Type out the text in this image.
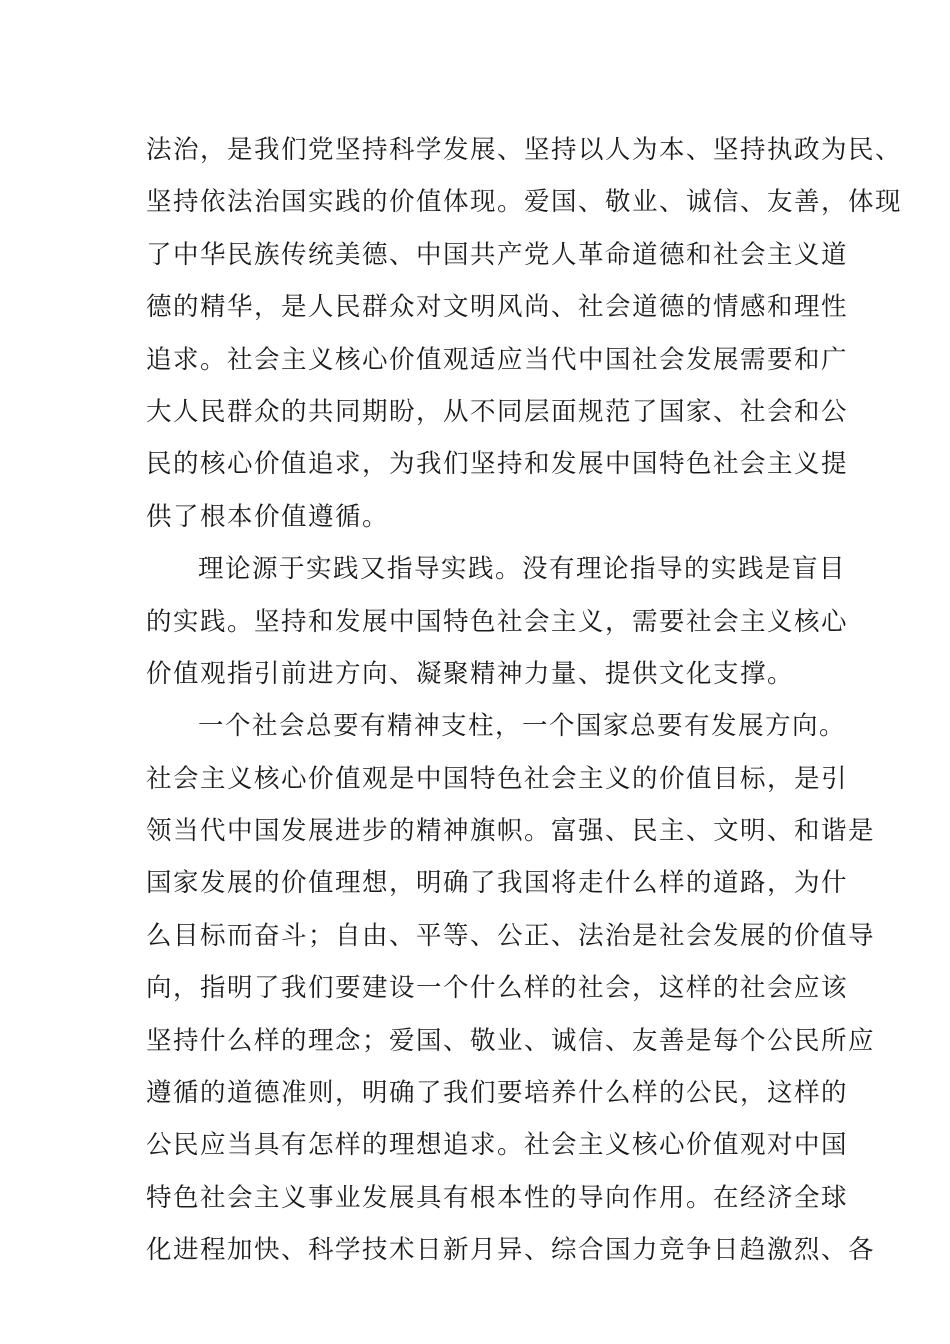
法治，是我们党坚持科学发展、坚持以人为本、坚持执政为民、
坚持依法治国实践的价值体现。爱国、敬业、诚信、友善，体现
了中华民族传统美德、中国共产党人革命道德和社会主义道
德的精华，是人民群众对文明风尚、社会道德的情感和理性
追求。社会主义核心价值观适应当代中国社会发展需要和广
大人民群众的共同期盼，从不同层面规范了国家、社会和公
民的核心价值追求，为我们坚持和发展中国特色社会主义提
供了根本价值遵循。
理论源于实践又指导实践。没有理论指导的实践是盲目
的实践。坚持和发展中国特色社会主义，需要社会主义核心
价值观指引前进方向、凝聚精神力量、提供文化支撑。
一个社会总要有精神支柱，一个国家总要有发展方向。
社会主义核心价值观是中国特色社会主义的价值目标，是引
领当代中国发展进步的精神旗帜。富强、民主、文明、和谐是
国家发展的价值理想，明确了我国将走什么样的道路，为什
么目标而奋斗；自由、平等、公正、法治是社会发展的价值导
向，指明了我们要建设一个什么样的社会，这样的社会应该
坚持什么样的理念；爱国、敬业、诚信、友善是每个公民所应
遵循的道德准则，明确了我们要培养什么样的公民，这样的
公民应当具有怎样的理想追求。社会主义核心价值观对中国
特色社会主义事业发展具有根本性的导向作用。在经济全球
化进程加快、科学技术日新月异、综合国力竞争日趋激烈、各
